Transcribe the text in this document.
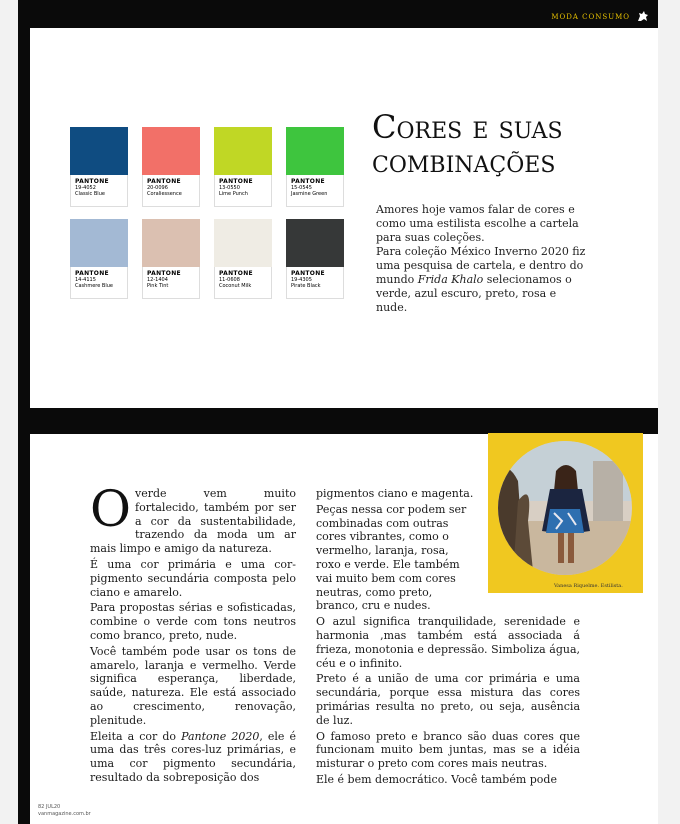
MODA CONSUMO
PANTONE
19-4052
Classic Blue
PANTONE
20-0096
Coraliessence
PANTONE
13-0550
Lime Punch
PANTONE
15-0545
Jasmine Green
PANTONE
14-4115
Cashmere Blue
PANTONE
12-1404
Pink Tint
PANTONE
11-0608
Coconut Milk
PANTONE
19-4305
Pirate Black
Cores e suas
combinações

Amores hoje vamos falar de cores e como uma estilista escolhe a cartela para suas coleções.

Para coleção México Inverno 2020 fiz uma pesquisa de cartela, e dentro do mundo Frida Khalo selecionamos o verde, azul escuro, preto, rosa e nude.

Vanesa Riquelme. Estilista.

Overde vem muito fortalecido, também por ser a cor da sustentabilidade, trazendo da moda um ar mais limpo e amigo da natureza.

É uma cor primária e uma cor-pigmento secundária composta pelo ciano e amarelo.

Para propostas sérias e sofisticadas, combine o verde com tons neutros como branco, preto, nude.

Você também pode usar os tons de amarelo, laranja e vermelho. Verde significa esperança, liberdade, saúde, natureza. Ele está associado ao crescimento, renovação, plenitude.

Eleita a cor do Pantone 2020, ele é uma das três cores-luz primárias, e uma cor pigmento secundária, resultado da sobreposição dos

pigmentos ciano e magenta.

Peças nessa cor podem ser combinadas com outras cores vibrantes, como o vermelho, laranja, rosa, roxo e verde. Ele também vai muito bem com cores neutras, como preto, branco, cru e nudes.

O azul significa tranquilidade, serenidade e harmonia ,mas também está associada á frieza, monotonia e depressão. Simboliza água, céu e o infinito.

Preto é a união de uma cor primária e uma secundária, porque essa mistura das cores primárias resulta no preto, ou seja, ausência de luz.

O famoso preto e branco são duas cores que funcionam muito bem juntas, mas se a idéia misturar o preto com cores mais neutras.

Ele é bem democrático. Você também pode

82 JUL20
vanmagazine.com.br
